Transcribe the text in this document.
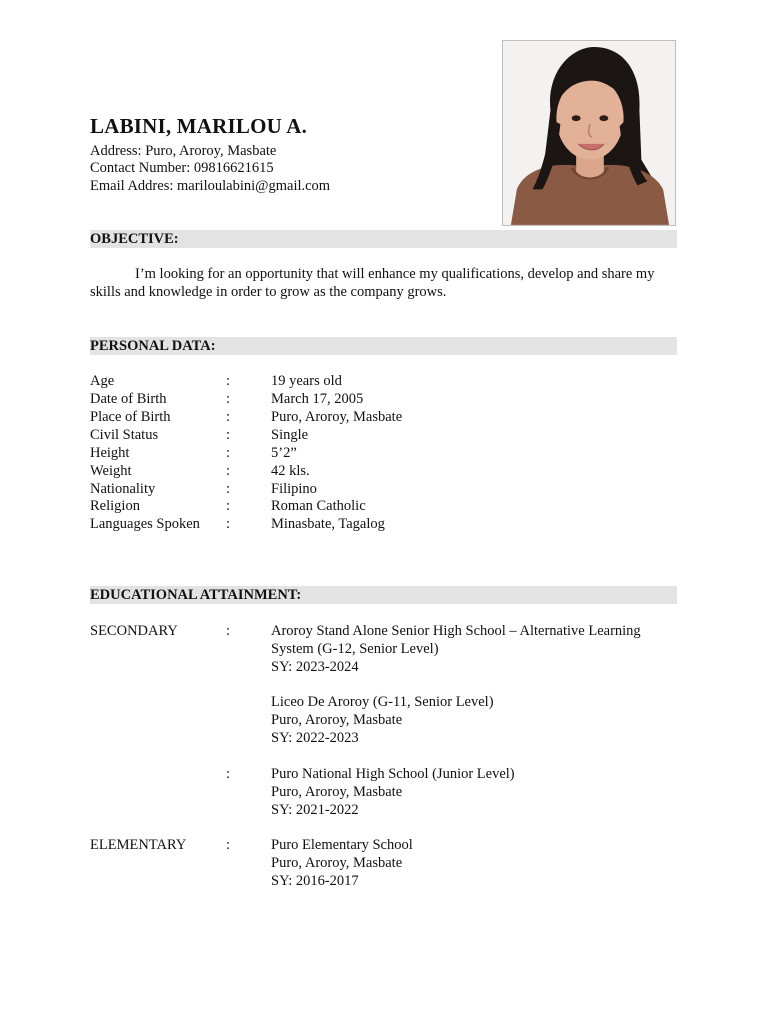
LABINI, MARILOU A.
Address: Puro, Aroroy, Masbate
Contact Number: 09816621615
Email Addres: mariloulabini@gmail.com
OBJECTIVE:
I’m looking for an opportunity that will enhance my qualifications, develop and share my skills and knowledge in order to grow as the company grows.
PERSONAL DATA:
Age	:	19 years old
Date of Birth	:	March 17, 2005
Place of Birth	:	Puro, Aroroy, Masbate
Civil Status	:	Single
Height	:	5’2”
Weight	:	42 kls.
Nationality	:	Filipino
Religion	:	Roman Catholic
Languages Spoken :	Minasbate, Tagalog
EDUCATIONAL ATTAINMENT:
SECONDARY	:	Aroroy Stand Alone Senior High School – Alternative Learning
System (G-12, Senior Level)
SY: 2023-2024
Liceo De Aroroy (G-11, Senior Level)
Puro, Aroroy, Masbate
SY: 2022-2023
:	Puro National High School (Junior Level)
Puro, Aroroy, Masbate
SY: 2021-2022
ELEMENTARY	:	Puro Elementary School
Puro, Aroroy, Masbate
SY: 2016-2017
